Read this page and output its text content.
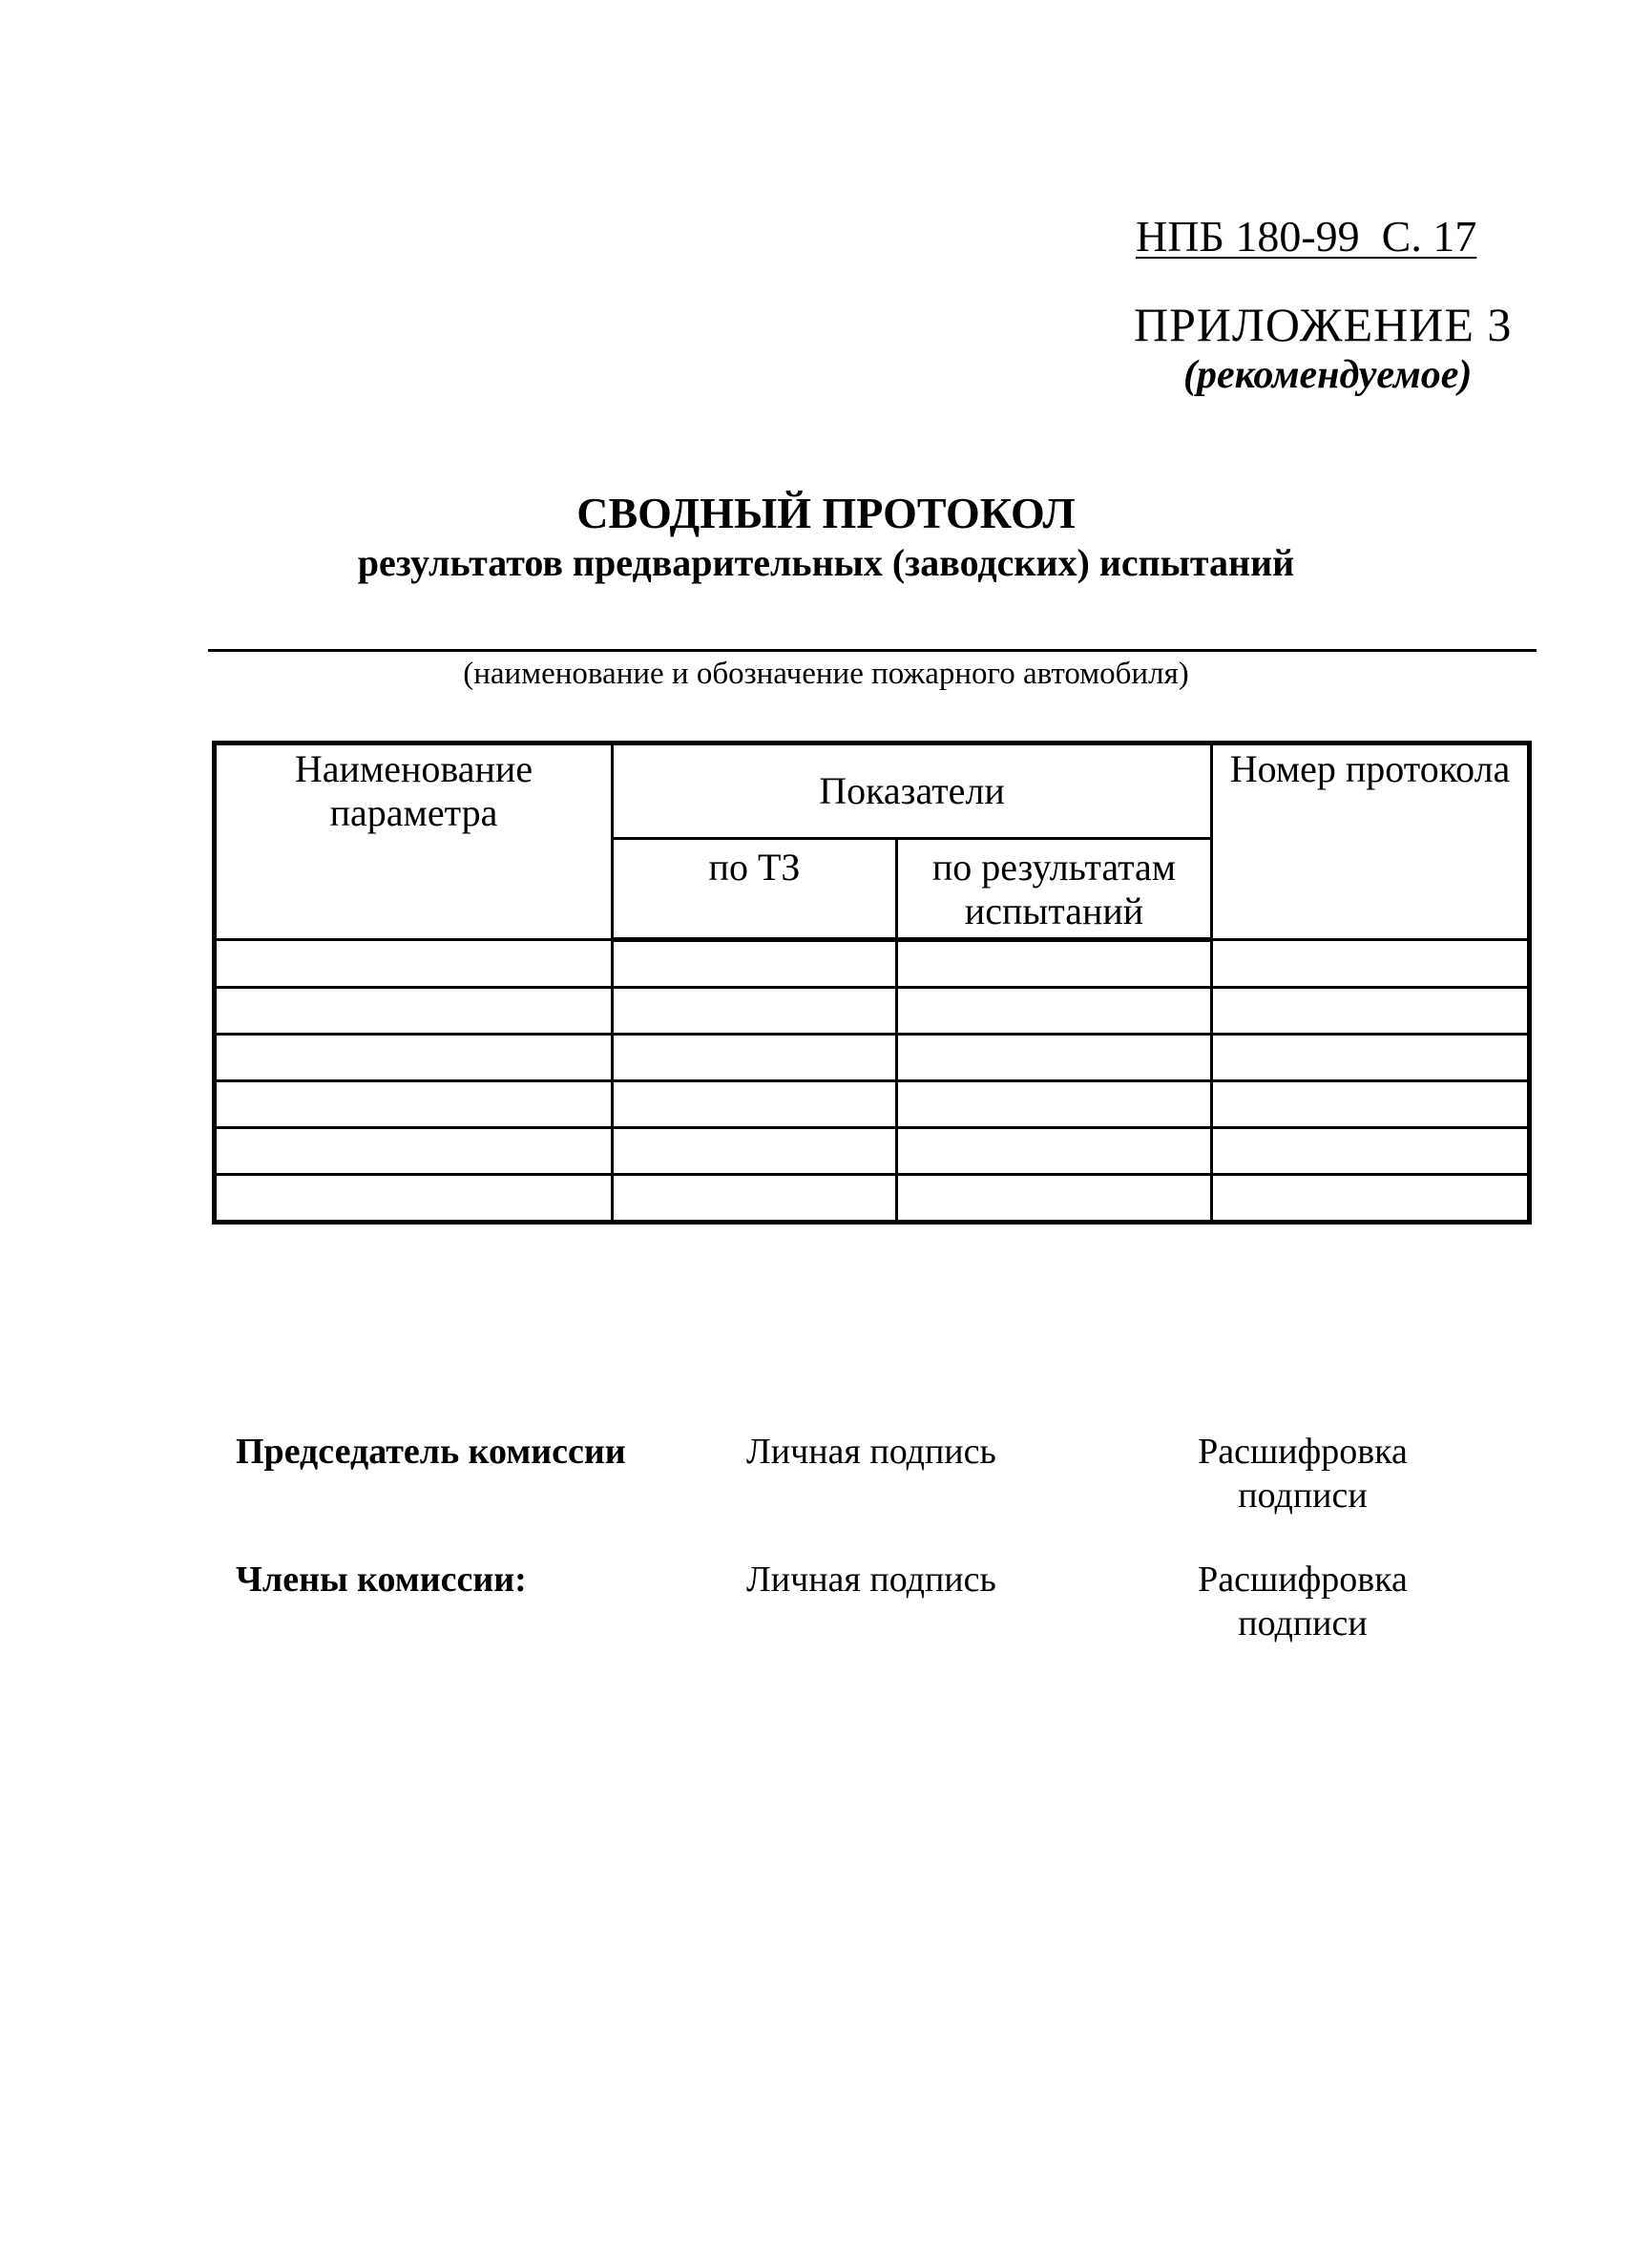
НПБ 180-99  С. 17
ПРИЛОЖЕНИЕ 3
(рекомендуемое)
СВОДНЫЙ ПРОТОКОЛ
результатов предварительных (заводских) испытаний
(наименование и обозначение пожарного автомобиля)
Наименование параметра	Показатели		Номер протокола
	по ТЗ	по результатам испытаний	

Председатель комиссии	Личная подпись	Расшифровка подписи
Члены комиссии:	Личная подпись	Расшифровка подписи
